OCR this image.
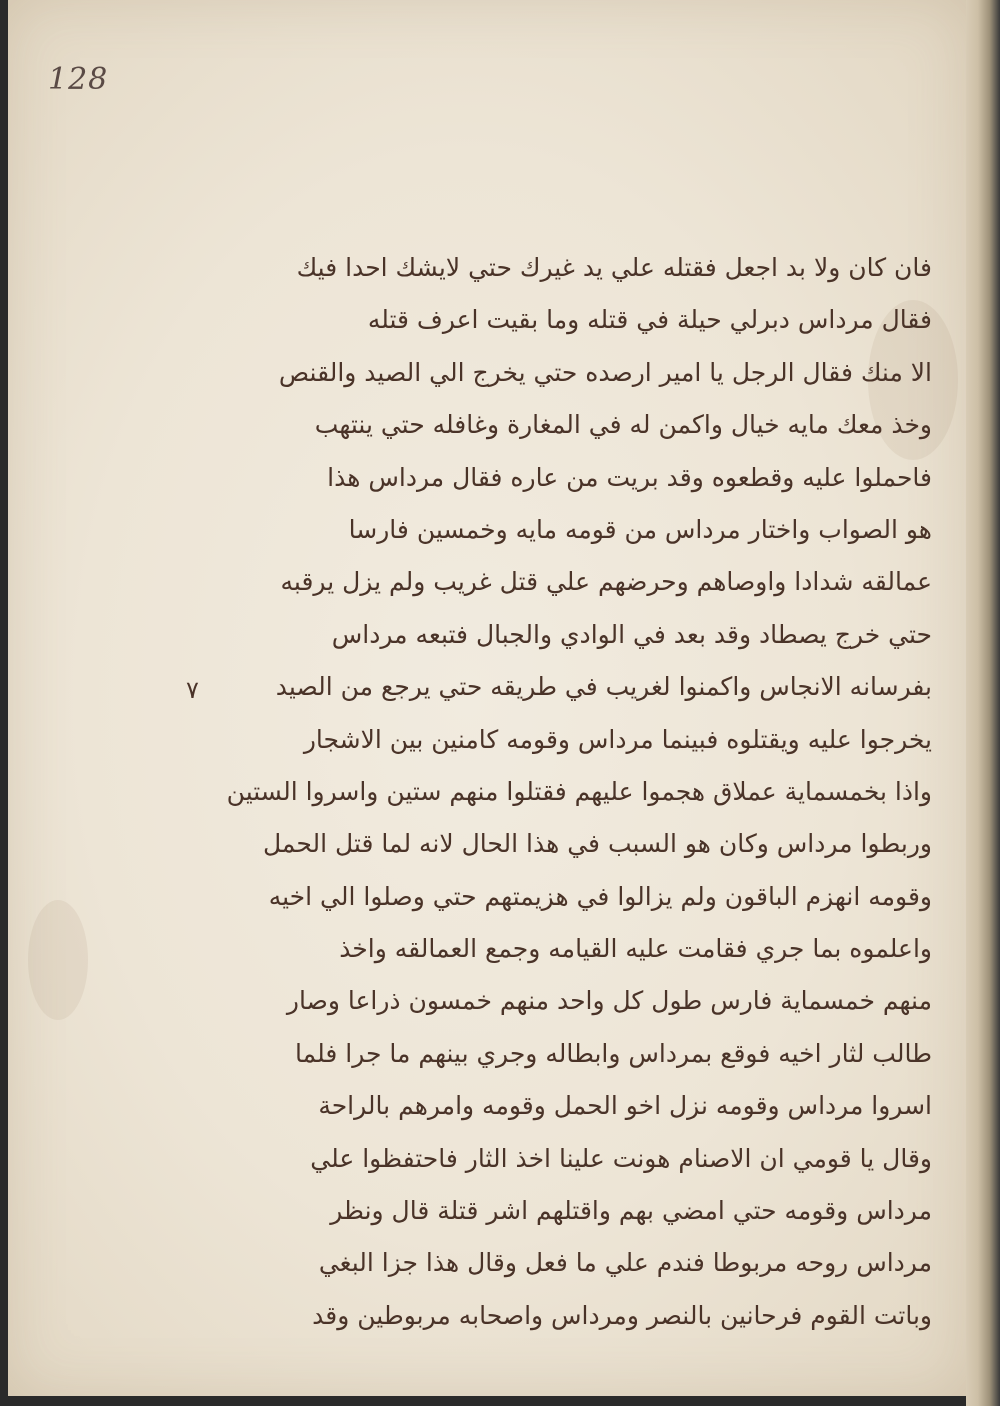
128
٧
فان كان ولا بد اجعل فقتله علي يد غيرك حتي لايشك احدا فيك
فقال مرداس دبرلي حيلة في قتله وما بقيت اعرف قتله
الا منك فقال الرجل يا امير ارصده حتي يخرج الي الصيد والقنص
وخذ معك مايه خيال واكمن له في المغارة وغافله حتي ينتهب
فاحملوا عليه وقطعوه وقد بريت من عاره فقال مرداس هذا
هو الصواب واختار مرداس من قومه مايه وخمسين فارسا
عمالقه شدادا واوصاهم وحرضهم علي قتل غريب ولم يزل يرقبه
حتي خرج يصطاد وقد بعد في الوادي والجبال فتبعه مرداس
بفرسانه الانجاس واكمنوا لغريب في طريقه حتي يرجع من الصيد
يخرجوا عليه ويقتلوه فبينما مرداس وقومه كامنين بين الاشجار
واذا بخمسماية عملاق هجموا عليهم فقتلوا منهم ستين واسروا الستين
وربطوا مرداس وكان هو السبب في هذا الحال لانه لما قتل الحمل
وقومه انهزم الباقون ولم يزالوا في هزيمتهم حتي وصلوا الي اخيه
واعلموه بما جري فقامت عليه القيامه وجمع العمالقه واخذ
منهم خمسماية فارس طول كل واحد منهم خمسون ذراعا وصار
طالب لثار اخيه فوقع بمرداس وابطاله وجري بينهم ما جرا فلما
اسروا مرداس وقومه نزل اخو الحمل وقومه وامرهم بالراحة
وقال يا قومي ان الاصنام هونت علينا اخذ الثار فاحتفظوا علي
مرداس وقومه حتي امضي بهم واقتلهم اشر قتلة قال ونظر
مرداس روحه مربوطا فندم علي ما فعل وقال هذا جزا البغي
وباتت القوم فرحانين بالنصر ومرداس واصحابه مربوطين وقد
